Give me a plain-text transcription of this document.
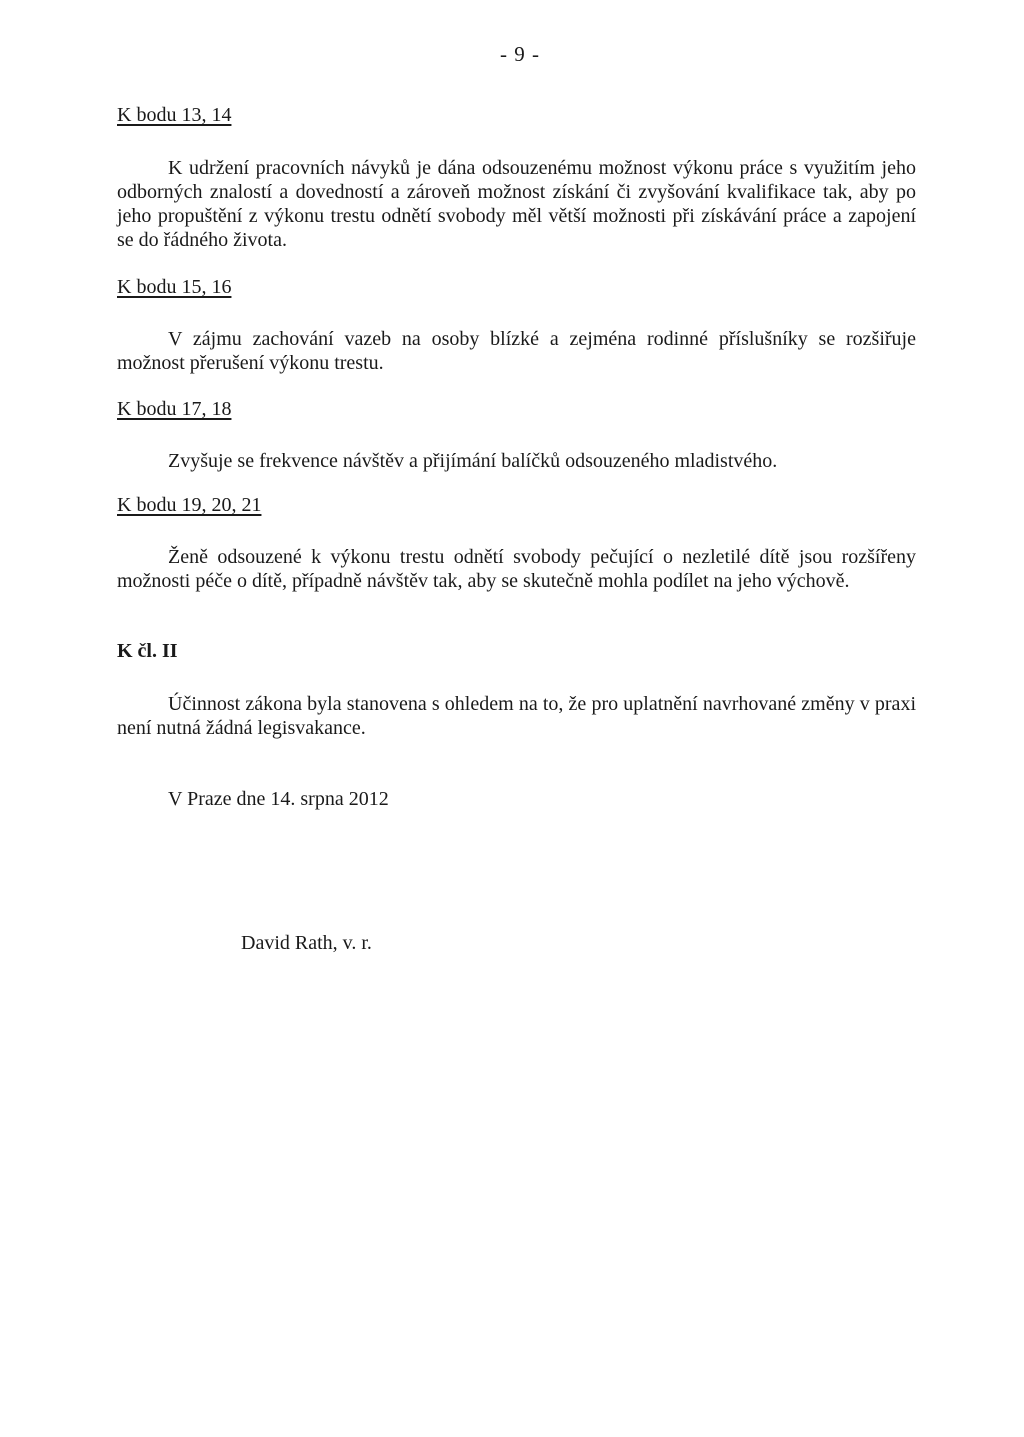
- 9 -
K bodu 13, 14
K udržení pracovních návyků je dána odsouzenému možnost výkonu práce s využitím jeho odborných znalostí a dovedností a zároveň možnost získání či zvyšování kvalifikace tak, aby po jeho propuštění z výkonu trestu odnětí svobody měl větší možnosti při získávání práce a zapojení se do řádného života.
K bodu 15, 16
V zájmu zachování vazeb na osoby blízké a zejména rodinné příslušníky se rozšiřuje možnost přerušení výkonu trestu.
K bodu 17, 18
Zvyšuje se frekvence návštěv a přijímání balíčků odsouzeného mladistvého.
K bodu 19, 20, 21
Ženě odsouzené k výkonu trestu odnětí svobody pečující o nezletilé dítě jsou rozšířeny možnosti péče o dítě, případně návštěv tak, aby se skutečně mohla podílet na jeho výchově.
K čl. II
Účinnost zákona byla stanovena s ohledem na to, že pro uplatnění navrhované změny v praxi není nutná žádná legisvakance.
V Praze dne 14. srpna 2012
David Rath, v. r.
